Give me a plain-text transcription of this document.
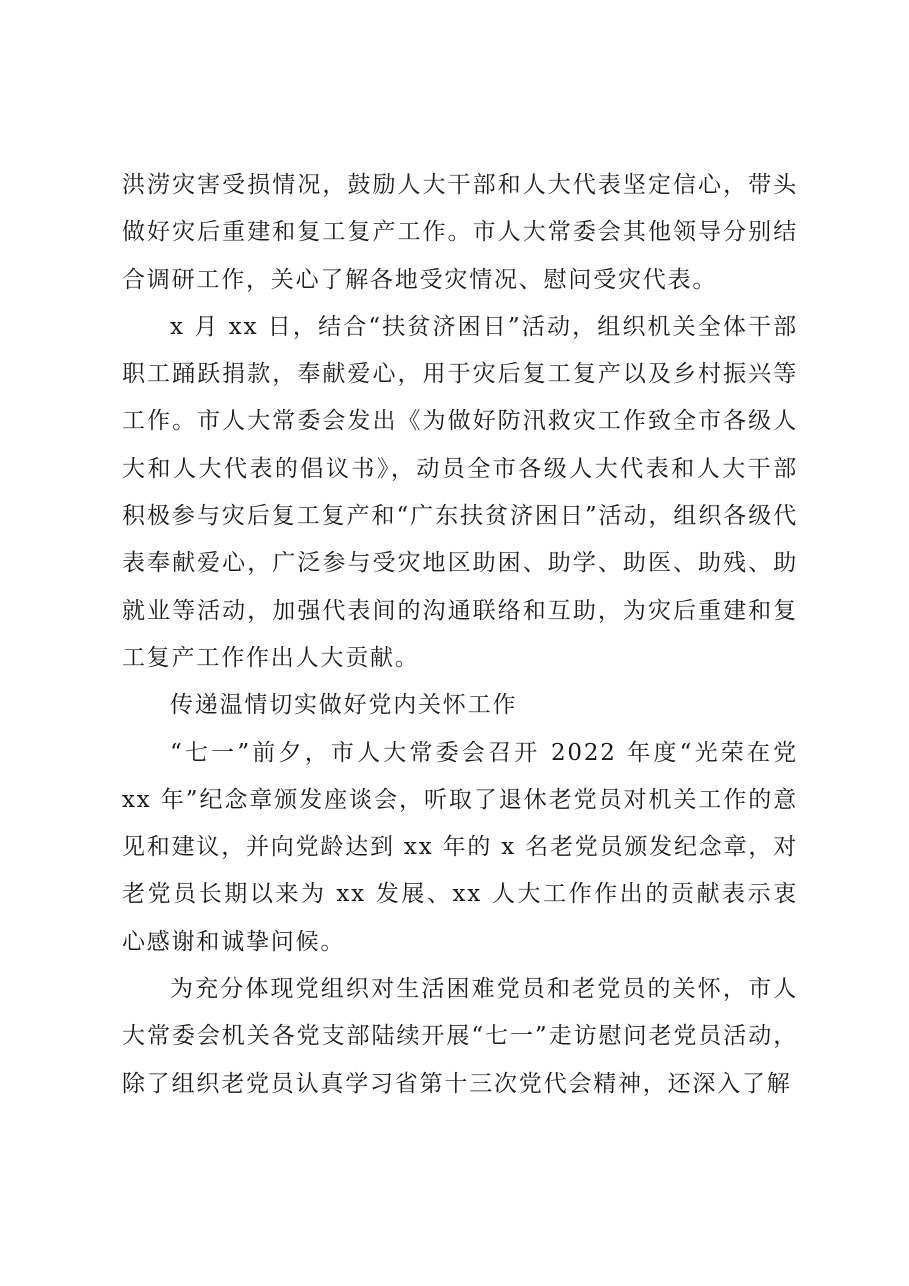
洪涝灾害受损情况，鼓励人大干部和人大代表坚定信心，带头做好灾后重建和复工复产工作。市人大常委会其他领导分别结合调研工作，关心了解各地受灾情况、慰问受灾代表。

x 月 xx 日，结合“扶贫济困日”活动，组织机关全体干部职工踊跃捐款，奉献爱心，用于灾后复工复产以及乡村振兴等工作。市人大常委会发出《为做好防汛救灾工作致全市各级人大和人大代表的倡议书》，动员全市各级人大代表和人大干部积极参与灾后复工复产和“广东扶贫济困日”活动，组织各级代表奉献爱心，广泛参与受灾地区助困、助学、助医、助残、助就业等活动，加强代表间的沟通联络和互助，为灾后重建和复工复产工作作出人大贡献。

传递温情切实做好党内关怀工作

“七一”前夕，市人大常委会召开 2022 年度“光荣在党 xx 年”纪念章颁发座谈会，听取了退休老党员对机关工作的意见和建议，并向党龄达到 xx 年的 x 名老党员颁发纪念章，对老党员长期以来为 xx 发展、xx 人大工作作出的贡献表示衷心感谢和诚挚问候。

为充分体现党组织对生活困难党员和老党员的关怀，市人大常委会机关各党支部陆续开展“七一”走访慰问老党员活动，除了组织老党员认真学习省第十三次党代会精神，还深入了解
